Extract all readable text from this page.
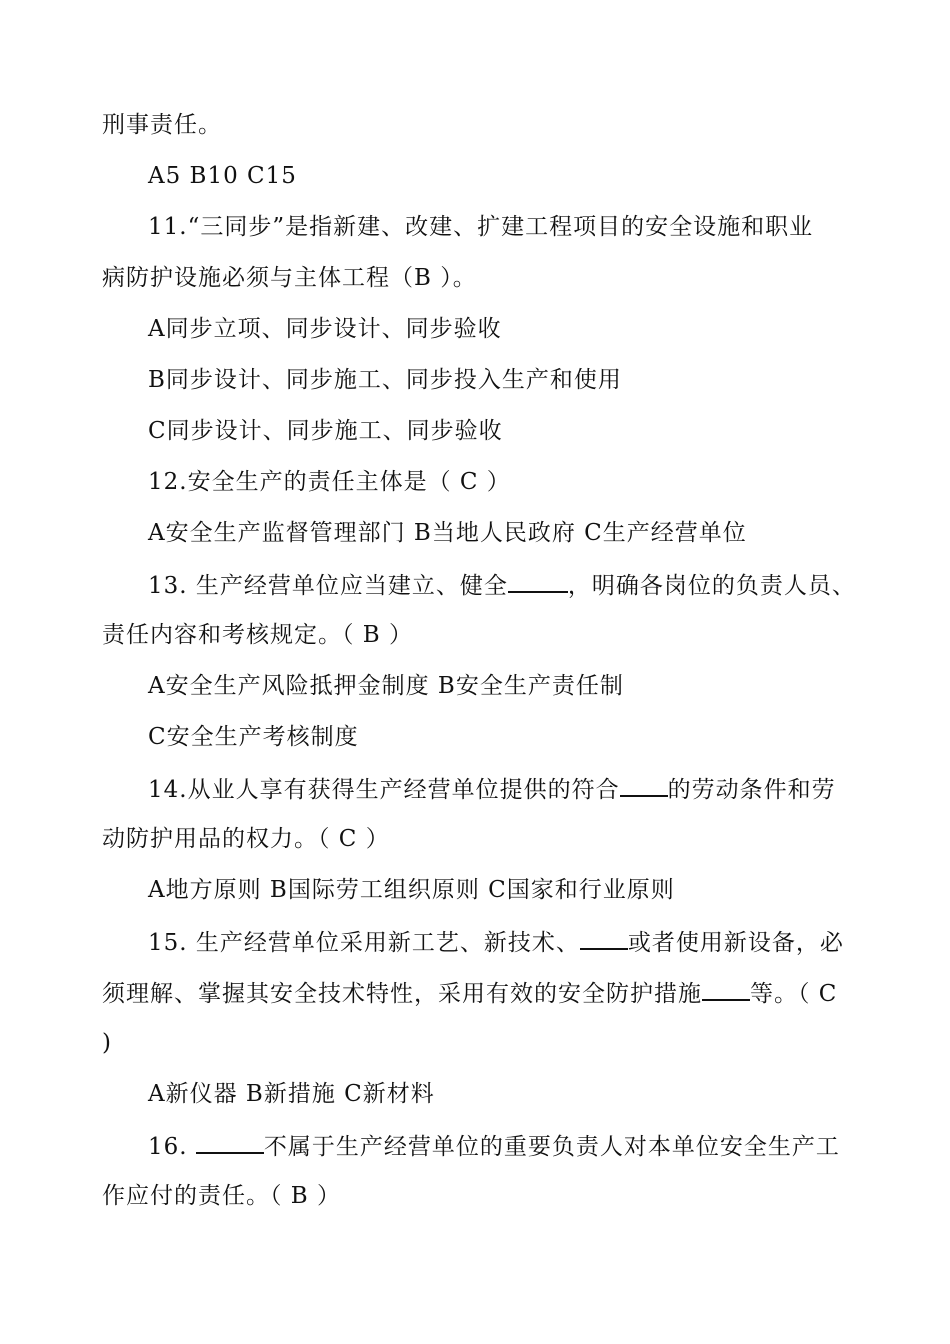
刑事责任。
A5 B10 C15
11.“三同步”是指新建、改建、扩建工程项目的安全设施和职业
病防护设施必须与主体工程（B ）。
A同步立项、同步设计、同步验收
B同步设计、同步施工、同步投入生产和使用
C同步设计、同步施工、同步验收
12.安全生产的责任主体是（ C ）
A安全生产监督管理部门 B当地人民政府 C生产经营单位
13. 生产经营单位应当建立、健全	，明确各岗位的负责人员、
责任内容和考核规定。（ B ）
A安全生产风险抵押金制度 B安全生产责任制
C安全生产考核制度
14.从业人享有获得生产经营单位提供的符合 的劳动条件和劳
动防护用品的权力。（ C ）
A地方原则 B国际劳工组织原则 C国家和行业原则
15. 生产经营单位采用新工艺、新技术、 或者使用新设备，必
须理解、掌握其安全技术特性，采用有效的安全防护措施 等。（ C
)
A新仪器 B新措施 C新材料
16.	不属于生产经营单位的重要负责人对本单位安全生产工
作应付的责任。（ B ）
